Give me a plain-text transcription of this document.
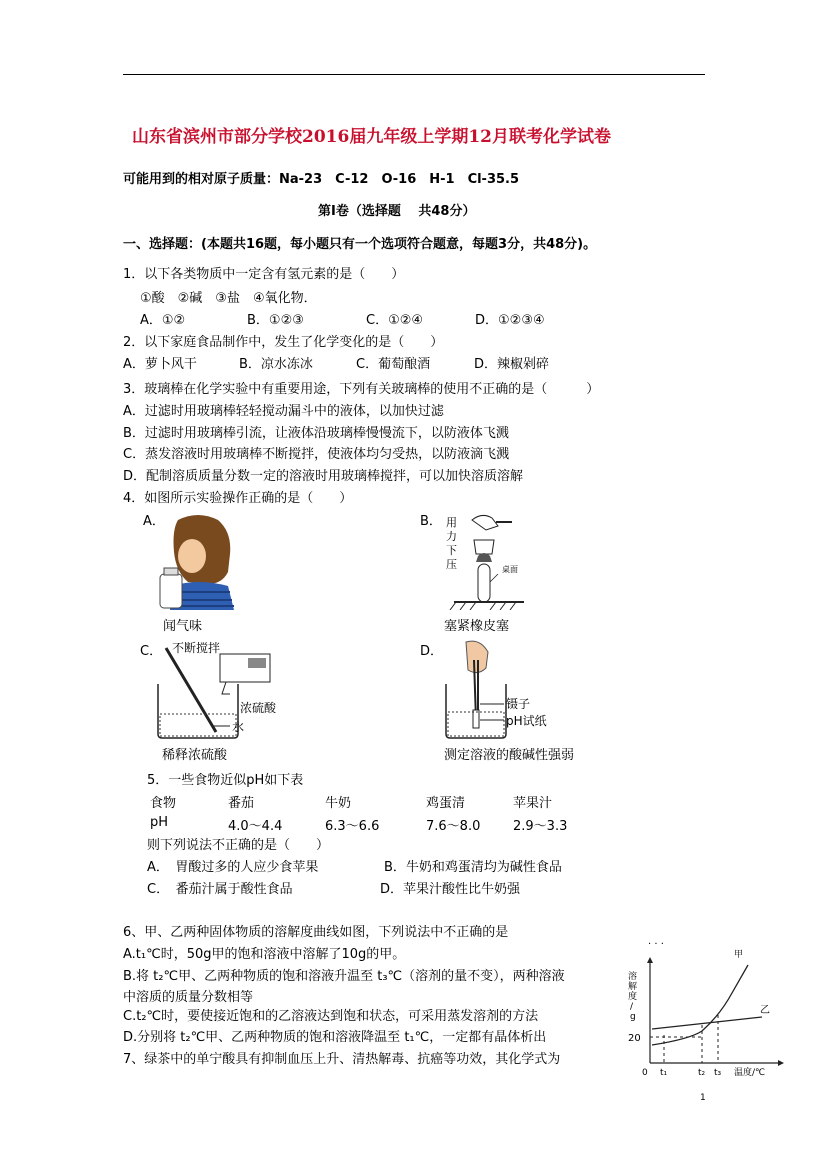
山东省滨州市部分学校2016届九年级上学期12月联考化学试卷
可能用到的相对原子质量：Na-23　C-12　O-16　H-1　Cl-35.5
第Ⅰ卷（选择题　 共48分）
一、选择题：(本题共16题，每小题只有一个选项符合题意，每题3分，共48分)。
1．以下各类物质中一定含有氢元素的是（　　）
①酸　②碱　③盐　④氧化物．
A．①②	B．①②③	C．①②④	D．①②③④
2．以下家庭食品制作中，发生了化学变化的是（　　）
A．萝卜风干	B．凉水冻冰	C．葡萄酿酒	D．辣椒剁碎
3．玻璃棒在化学实验中有重要用途，下列有关玻璃棒的使用不正确的是（　　　）
A．过滤时用玻璃棒轻轻搅动漏斗中的液体，以加快过滤
B．过滤时用玻璃棒引流，让液体沿玻璃棒慢慢流下，以防液体飞溅
C．蒸发溶液时用玻璃棒不断搅拌，使液体均匀受热，以防液滴飞溅
D．配制溶质质量分数一定的溶液时用玻璃棒搅拌，可以加快溶质溶解
4．如图所示实验操作正确的是（　　）
A．	B．
C．	D．
闻气味
用
力
下
压	桌面
塞紧橡皮塞
不断搅拌
浓硫酸
水
稀释浓硫酸
镊子
pH试纸
测定溶液的酸碱性强弱
5．一些食物近似pH如下表
食物	番茄	牛奶	鸡蛋清	苹果汁
pH	4.0～4.4	6.3～6.6	7.6～8.0	2.9～3.3
则下列说法不正确的是（　　）
A．　胃酸过多的人应少食苹果	B．牛奶和鸡蛋清均为碱性食品
C．　番茄汁属于酸性食品	D．苹果汁酸性比牛奶强
6、甲、乙两种固体物质的溶解度曲线如图，下列说法中不正确的是
A.t₁℃时，50g甲的饱和溶液中溶解了10g的甲。
B.将 t₂℃甲、乙两种物质的饱和溶液升温至 t₃℃（溶剂的量不变），两种溶液
中溶质的质量分数相等
C.t₂℃时，要使接近饱和的乙溶液达到饱和状态，可采用蒸发溶剂的方法
D.分别将 t₂℃甲、乙两种物质的饱和溶液降温至 t₁℃，一定都有晶体析出
7、绿茶中的单宁酸具有抑制血压上升、清热解毒、抗癌等功效，其化学式为
· · ·
溶
解
度
/
g
20
甲
乙
0 t₁	t₂ t₃ 温度/℃
1
